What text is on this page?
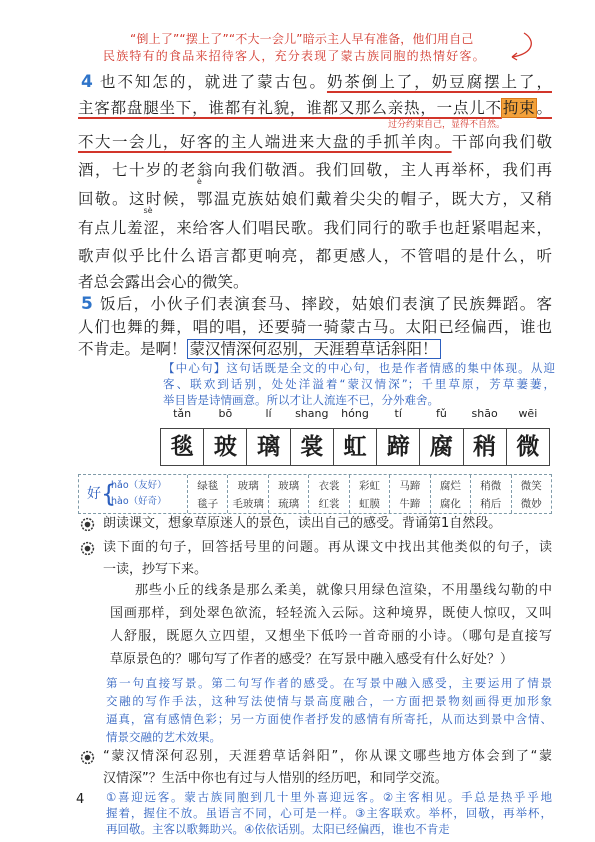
“倒上了”“摆上了”“不大一会儿”暗示主人早有准备，他们用自己
民族特有的食品来招待客人，充分表现了蒙古族同胞的热情好客。
4 也不知怎的，就进了蒙古包。奶茶倒上了，奶豆腐摆上了，
主客都盘腿坐下，谁都有礼貌，谁都又那么亲热，一点儿不拘束。
过分约束自己，显得不自然。
不大一会儿，好客的主人端进来大盘的手抓羊肉。干部向我们敬
酒，七十岁的老翁向我们敬酒。我们回敬，主人再举杯，我们再
回敬。这时候，鄂
è
温克族姑娘们戴着尖尖的帽子，既大方，又稍
有点儿羞涩
sè
，来给客人们唱民歌。我们同行的歌手也赶紧唱起来，
歌声似乎比什么语言都更响亮，都更感人，不管唱的是什么，听
者总会露出会心的微笑。
5 饭后，小伙子们表演套马、摔跤，姑娘们表演了民族舞蹈。客
人们也舞的舞，唱的唱，还要骑一骑蒙古马。太阳已经偏西，谁也
不肯走。是啊！ 蒙汉情深何忍别，天涯碧草话斜阳！
【中心句】这句话既是全文的中心句，也是作者情感的集中体现。从迎
客、联欢到话别，处处洋溢着“蒙汉情深”；千里草原，芳草萋萋，
举目皆是诗情画意。所以才让人流连不已，分外难舍。
tǎn
毯
bō
玻
lí
璃
shang
裳
hóng
虹
tí
蹄
fǔ
腐
shāo
稍
wēi
微
好 {
hǎo（友好）
hào（好奇）
绿毯
毯子
玻璃
毛玻璃
玻璃
琉璃
衣裳
红裳
彩虹
虹膜
马蹄
牛蹄
腐烂
腐化
稍微
稍后
微笑
微妙
朗读课文，想象草原迷人的景色，读出自己的感受。背诵第1自然段。
读下面的句子，回答括号里的问题。再从课文中找出其他类似的句子，读
一读，抄写下来。
那些小丘的线条是那么柔美，就像只用绿色渲染，不用墨线勾勒的中
国画那样，到处翠色欲流，轻轻流入云际。这种境界，既使人惊叹，又叫
人舒服，既愿久立四望，又想坐下低吟一首奇丽的小诗。（哪句是直接写
草原景色的？哪句写了作者的感受？在写景中融入感受有什么好处？）
第一句直接写景。第二句写作者的感受。在写景中融入感受，主要运用了情景
交融的写作手法，这种写法使情与景高度融合，一方面把景物刻画得更加形象
逼真，富有感情色彩；另一方面使作者抒发的感情有所寄托，从而达到景中含情、
情景交融的艺术效果。
“蒙汉情深何忍别，天涯碧草话斜阳”，你从课文哪些地方体会到了“蒙
汉情深”？生活中你也有过与人惜别的经历吧，和同学交流。
①喜迎远客。蒙古族同胞到几十里外喜迎远客。②主客相见。手总是热乎乎地
握着，握住不放。虽语言不同，心可是一样。③主客联欢。举杯，回敬，再举杯，
再回敬。主客以歌舞助兴。④依依话别。太阳已经偏西，谁也不肯走
4
